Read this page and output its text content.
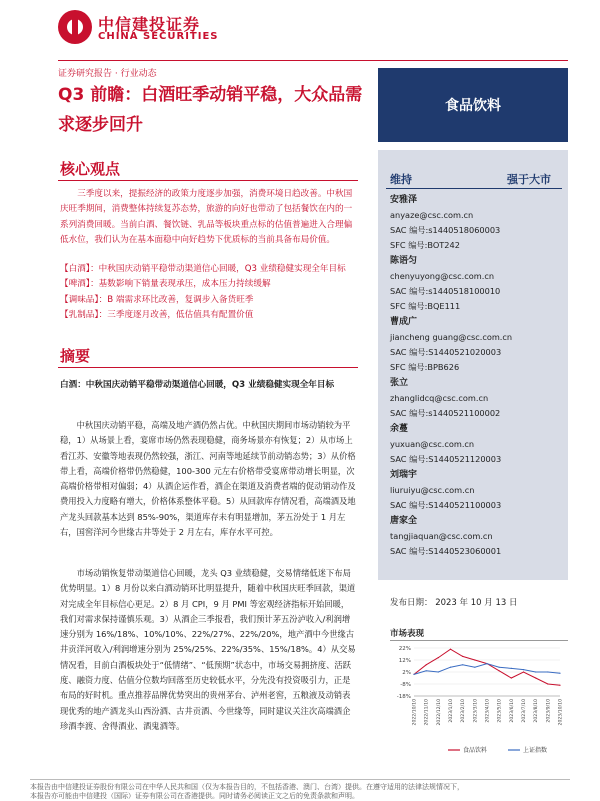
中信建投证券
CHINA SECURITIES
证券研究报告 · 行业动态
Q3 前瞻：白酒旺季动销平稳，大众品需求逐步回升
食品饮料
核心观点

三季度以来，提振经济的政策力度逐步加强，消费环境日趋改善。中秋国庆旺季期间，消费整体持续复苏态势，旅游的向好也带动了包括餐饮在内的一系列消费回暖。当前白酒、餐饮链、乳品等板块重点标的估值普遍进入合理偏低水位，我们认为在基本面稳中向好趋势下优质标的当前具备布局价值。

【白酒】：中秋国庆动销平稳带动渠道信心回暖，Q3 业绩稳健实现全年目标
【啤酒】：基数影响下销量表现承压，成本压力持续缓解
【调味品】：B 端需求环比改善，复调步入备货旺季
【乳制品】：三季度逐月改善，低估值具有配置价值
摘要

白酒：中秋国庆动销平稳带动渠道信心回暖，Q3 业绩稳健实现全年目标

中秋国庆动销平稳，高端及地产酒仍然占优。中秋国庆期间市场动销较为平稳，1）从场景上看，宴席市场仍然表现稳健，商务场景亦有恢复；2）从市场上看江苏、安徽等地表现仍然较强，浙江、河南等地延续节前动销态势；3）从价格带上看，高端价格带仍然稳健，100-300 元左右价格带受宴席带动增长明显，次高端价格带相对偏弱；4）从酒企运作看，酒企在渠道及消费者端的促动销动作及费用投入力度略有增大，价格体系整体平稳。5）从回款库存情况看，高端酒及地产龙头回款基本达到 85%-90%，渠道库存未有明显增加，茅五汾处于 1 月左右，国窖洋河今世缘古井等处于 2 月左右，库存水平可控。

市场动销恢复带动渠道信心回暖，龙头 Q3 业绩稳健，交易情绪低迷下布局优势明显。1）8 月份以来白酒动销环比明显提升，随着中秋国庆旺季回款，渠道对完成全年目标信心更足。2）8 月 CPI，9 月 PMI 等宏观经济指标开始回暖，我们对需求保持谨慎乐观。3）从酒企三季报看，我们预计茅五汾泸收入/利润增速分别为 16%/18%、10%/10%、22%/27%、22%/20%，地产酒中今世缘古井贡洋河收入/利润增速分别为 25%/25%、22%/35%、15%/18%。4）从交易情况看，目前白酒板块处于“低情绪”、“低预期”状态中，市场交易拥挤度、活跃度、融资力度、估值分位数均回落至历史较低水平，分先没有投资吸引力，正是布局的好时机。重点推荐品牌优势突出的贵州茅台、泸州老窖，五粮液及动销表现优秀的地产酒龙头山西汾酒、古井贡酒、今世缘等，同时建议关注次高端酒企珍酒李渡、舍得酒业、酒鬼酒等。

维持	强于大市
安雅泽
anyaze@csc.com.cn
SAC 编号:s1440518060003
SFC 编号:BOT242
陈语匀
chenyuyong@csc.com.cn
SAC 编号:s1440518100010
SFC 编号:BQE111
曹成广
jiancheng guang@csc.com.cn
SAC 编号:S1440521020003
SFC 编号:BPB626
张立
zhanglidcq@csc.com.cn
SAC 编号:s1440521100002
余蔓
yuxuan@csc.com.cn
SAC 编号:S1440521120003
刘瑞宇
liuruiyu@csc.com.cn
SAC 编号:S1440521100003
唐家全
tangjiaquan@csc.com.cn
SAC 编号:S1440523060001
发布日期： 2023 年 10 月 13 日
市场表现
22%
12%
2%
-8%
-18%
2022/10/10 2022/11/10 2022/12/10 2023/1/10 2023/2/10 2023/3/10 2023/4/10 2023/5/10 2023/6/10 2023/7/10 2023/8/10 2023/9/10 2023/10/10
食品饮料	上证指数
本报告由中信建投证券股份有限公司在中华人民共和国（仅为本报告目的，不包括香港、澳门、台湾）提供。在遵守适用的法律法规情况下，
本报告亦可能由中信建投（国际）证券有限公司在香港提供。同时请务必阅读正文之后的免责条款和声明。
